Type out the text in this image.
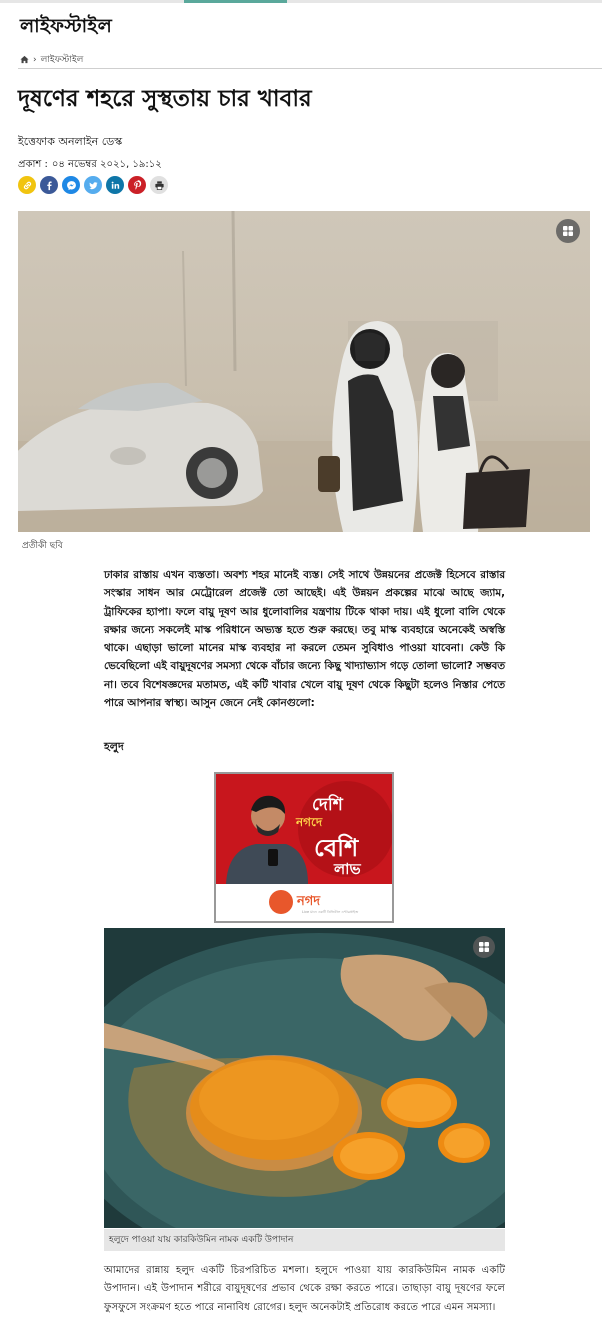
লাইফস্টাইল
› লাইফস্টাইল
দূষণের শহরে সুস্থতায় চার খাবার
ইত্তেফাক অনলাইন ডেস্ক
প্রকাশ : ০৪ নভেম্বর ২০২১, ১৯:১২
প্রতীকী ছবি

ঢাকার রাস্তায় এখন ব্যস্ততা। অবশ্য শহর মানেই ব্যস্ত। সেই সাথে উন্নয়নের প্রজেক্ট হিসেবে রাস্তার সংস্কার সাধন আর মেট্রোরেল প্রজেক্ট তো আছেই। এই উন্নয়ন প্রকল্পের মাঝে আছে জ্যাম, ট্রাফিকের হ্যাপা। ফলে বায়ু দূষণ আর ধুলোবালির যন্ত্রণায় টিকে থাকা দায়। এই ধুলো বালি থেকে রক্ষার জন্যে সকলেই মাস্ক পরিধানে অভ্যস্ত হতে শুরু করছে। তবু মাস্ক ব্যবহারে অনেকেই অস্বস্তি থাকে। এছাড়া ভালো মানের মাস্ক ব্যবহার না করলে তেমন সুবিধাও পাওয়া যাবেনা। কেউ কি ভেবেছিলো এই বায়ুদূষণের সমস্যা থেকে বাঁচার জন্যে কিছু খাদ্যাভ্যাস গড়ে তোলা ভালো? সম্ভবত না। তবে বিশেষজ্ঞদের মতামত, এই কটি খাবার খেলে বায়ু দূষণ থেকে কিছুটা হলেও নিস্তার পেতে পারে আপনার স্বাস্থ্য। আসুন জেনে নেই কোনগুলো:

হলুদ
দেশি
নগদে
বেশি
লাভ
নগদ
Live মানে একটি ডিজিটাল এন্টারপ্রাইজ
হলুদে পাওয়া যায় কারকিউমিন নামক একটি উপাদান

আমাদের রান্নায় হলুদ একটি চিরপরিচিত মশলা। হলুদে পাওয়া যায় কারকিউমিন নামক একটি উপাদান। এই উপাদান শরীরে বায়ুদূষণের প্রভাব থেকে রক্ষা করতে পারে। তাছাড়া বায়ু দূষণের ফলে ফুসফুসে সংক্রমণ হতে পারে নানাবিধ রোগের। হলুদ অনেকটাই প্রতিরোধ করতে পারে এমন সমস্যা।
